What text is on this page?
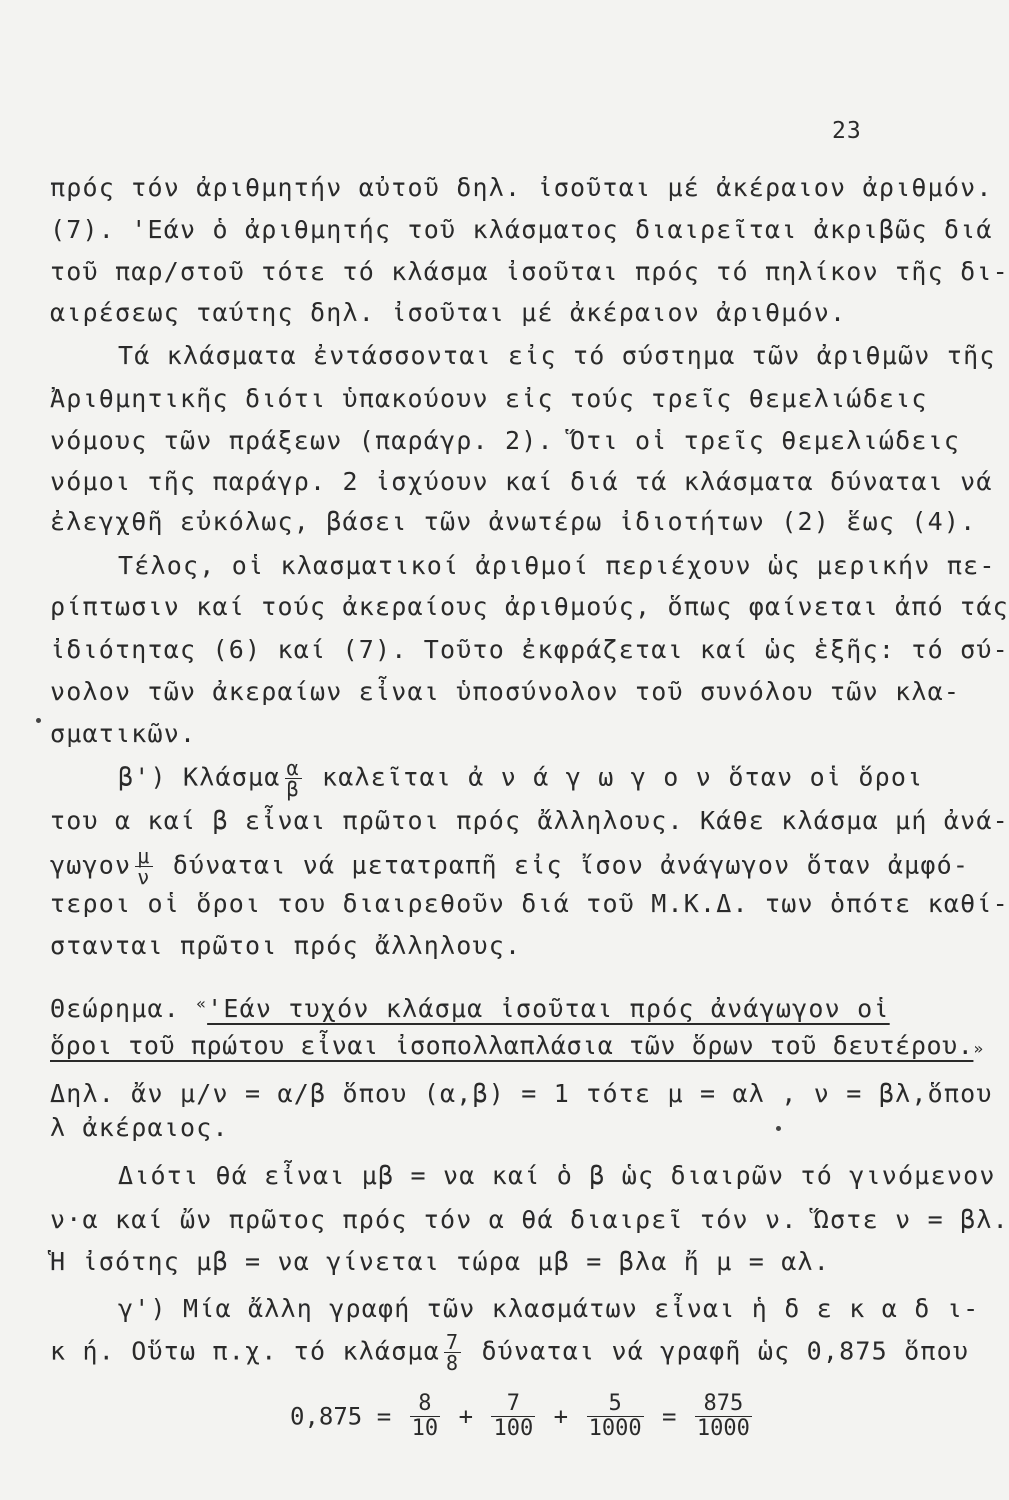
23
πρός τόν ἀριθμητήν αὐτοῦ δηλ. ἰσοῦται μέ ἀκέραιον ἀριθμόν.
(7). 'Εάν ὁ ἀριθμητής τοῦ κλάσματος διαιρεῖται ἀκριβῶς διά
τοῦ παρ/στοῦ τότε τό κλάσμα ἰσοῦται πρός τό πηλίκον τῆς δι-
αιρέσεως ταύτης δηλ. ἰσοῦται μέ ἀκέραιον ἀριθμόν.
Τά κλάσματα ἐντάσσονται εἰς τό σύστημα τῶν ἀριθμῶν τῆς
Ἀριθμητικῆς διότι ὑπακούουν εἰς τούς τρεῖς θεμελιώδεις
νόμους τῶν πράξεων (παράγρ. 2). Ὅτι οἱ τρεῖς θεμελιώδεις
νόμοι τῆς παράγρ. 2 ἰσχύουν καί διά τά κλάσματα δύναται νά
ἐλεγχθῆ εὐκόλως, βάσει τῶν ἀνωτέρω ἰδιοτήτων (2) ἕως (4).
Τέλος, οἱ κλασματικοί ἀριθμοί περιέχουν ὡς μερικήν πε-
ρίπτωσιν καί τούς ἀκεραίους ἀριθμούς, ὅπως φαίνεται ἀπό τάς
ἰδιότητας (6) καί (7). Τοῦτο ἐκφράζεται καί ὡς ἑξῆς: τό σύ-
νολον τῶν ἀκεραίων εἶναι ὑποσύνολον τοῦ συνόλου τῶν κλα-
σματικῶν.
β') Κλάσμα $\frac{\alpha}{\beta}$ καλεῖται ἀ ν ά γ ω γ ο ν ὅταν οἱ ὅροι
του α καί β εἶναι πρῶτοι πρός ἄλληλους. Κάθε κλάσμα μή ἀνά-
γωγον $\frac{\mu}{\nu}$ δύναται νά μετατραπῆ εἰς ἴσον ἀνάγωγον ὅταν ἀμφό-
τεροι οἱ ὅροι του διαιρεθοῦν διά τοῦ Μ.Κ.Δ. των ὁπότε καθί-
στανται πρῶτοι πρός ἄλληλους.
Θεώρημα. «'Εάν τυχόν κλάσμα ἰσοῦται πρός ἀνάγωγον οἱ
ὅροι τοῦ πρώτου εἶναι ἰσοπολλαπλάσια τῶν ὅρων τοῦ δευτέρου.»
Δηλ. ἄν μ/ν = α/β ὅπου (α,β) = 1 τότε μ = αλ , ν = βλ,ὅπου
λ ἀκέραιος.
Διότι θά εἶναι μβ = να καί ὁ β ὡς διαιρῶν τό γινόμενον
ν·α καί ὤν πρῶτος πρός τόν α θά διαιρεῖ τόν ν. Ὥστε ν = βλ.
Ἡ ἰσότης μβ = να γίνεται τώρα μβ = βλα ἤ μ = αλ.
γ') Μία ἄλλη γραφή τῶν κλασμάτων εἶναι ἡ δ ε κ α δ ι-
κ ή. Οὕτω π.χ. τό κλάσμα $\frac{7}{8}$ δύναται νά γραφῆ ὡς 0,875 ὅπου
$0,875 = \frac{8}{10} + \frac{7}{100} + \frac{5}{1000} = \frac{875}{1000}$
